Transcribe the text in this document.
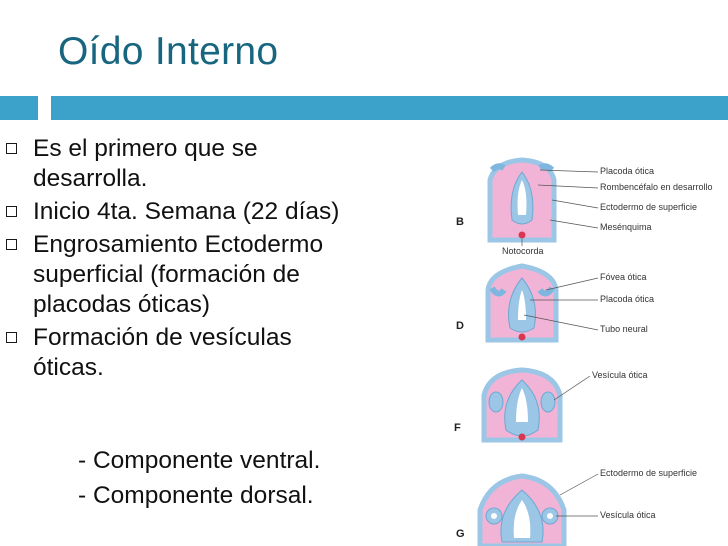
Oído Interno
Es el primero que se desarrolla.
Inicio 4ta. Semana (22 días)
Engrosamiento Ectodermo superficial (formación de placodas óticas)
Formación de vesículas óticas.
- Componente ventral.
- Componente dorsal.
B
Placoda ótica
Rombencéfalo en desarrollo
Ectodermo de superficie
Mesénquima
Notocorda
D
Fóvea ótica
Placoda ótica
Tubo neural
F
Vesícula ótica
G
Ectodermo de superficie
Vesícula ótica
